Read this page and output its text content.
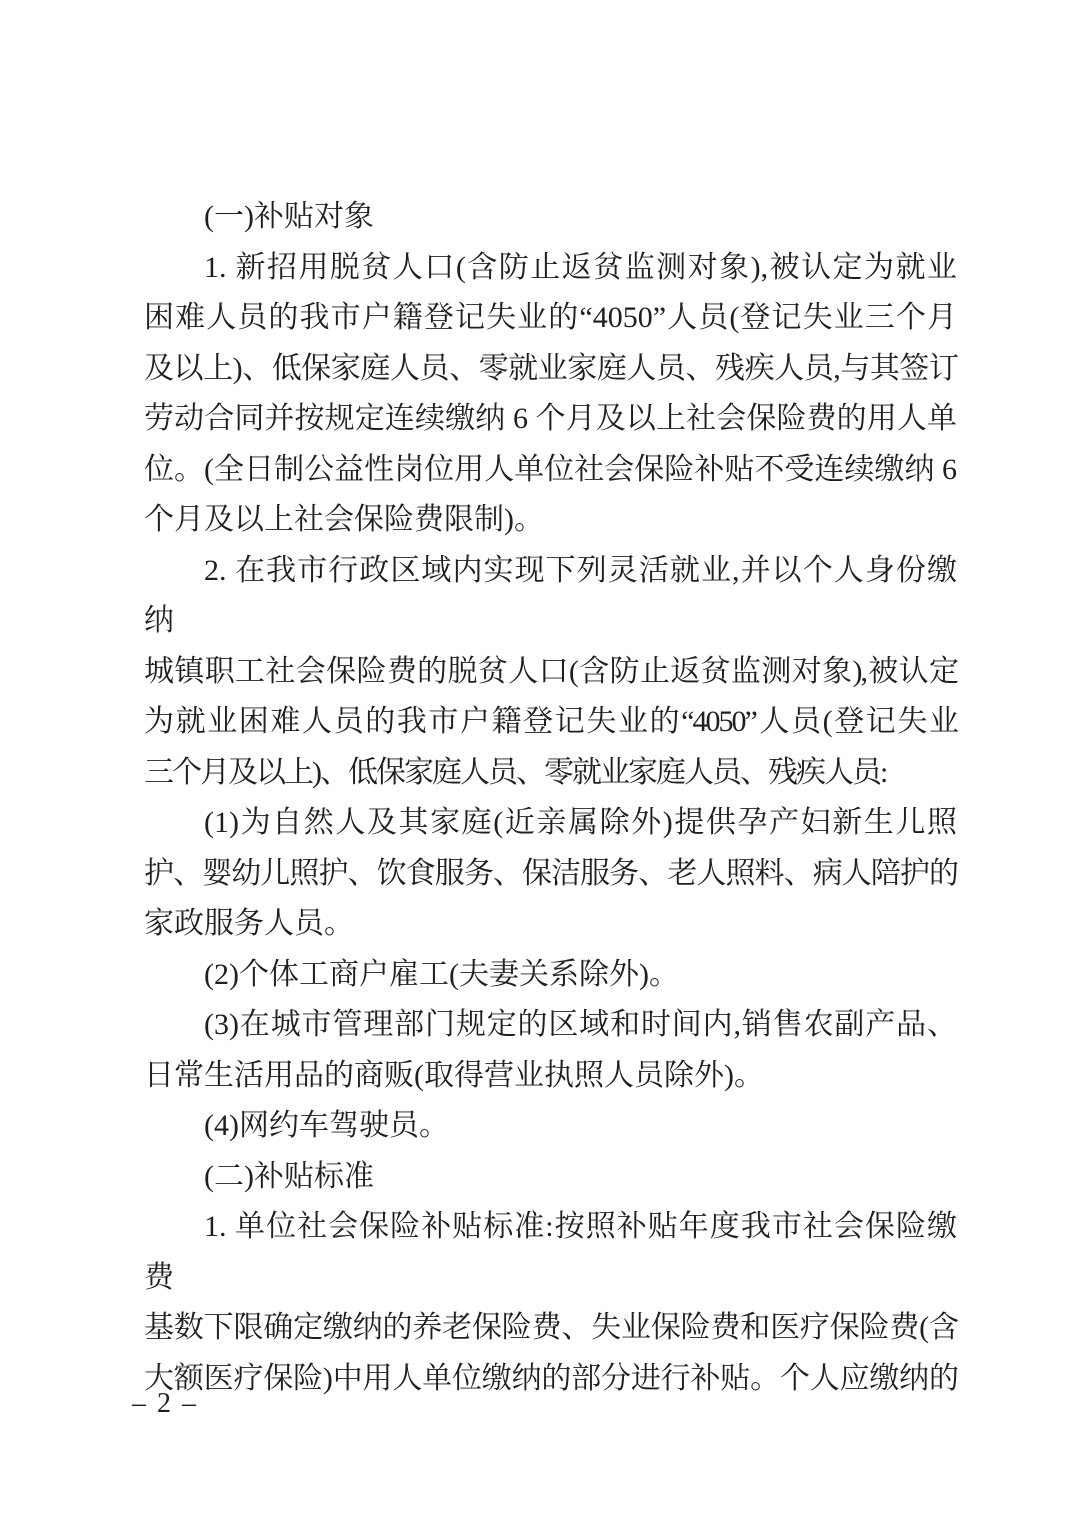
(一)补贴对象
1. 新招用脱贫人口(含防止返贫监测对象),被认定为就业
困难人员的我市户籍登记失业的“4050”人员(登记失业三个月
及以上)、低保家庭人员、零就业家庭人员、残疾人员,与其签订
劳动合同并按规定连续缴纳 6 个月及以上社会保险费的用人单
位。(全日制公益性岗位用人单位社会保险补贴不受连续缴纳 6
个月及以上社会保险费限制)。
2. 在我市行政区域内实现下列灵活就业,并以个人身份缴纳
城镇职工社会保险费的脱贫人口(含防止返贫监测对象),被认定
为就业困难人员的我市户籍登记失业的“4050”人员(登记失业
三个月及以上)、低保家庭人员、零就业家庭人员、残疾人员:
(1)为自然人及其家庭(近亲属除外)提供孕产妇新生儿照
护、婴幼儿照护、饮食服务、保洁服务、老人照料、病人陪护的
家政服务人员。
(2)个体工商户雇工(夫妻关系除外)。
(3)在城市管理部门规定的区域和时间内,销售农副产品、
日常生活用品的商贩(取得营业执照人员除外)。
(4)网约车驾驶员。
(二)补贴标准
1. 单位社会保险补贴标准:按照补贴年度我市社会保险缴费
基数下限确定缴纳的养老保险费、失业保险费和医疗保险费(含
大额医疗保险)中用人单位缴纳的部分进行补贴。个人应缴纳的
– 2 –
